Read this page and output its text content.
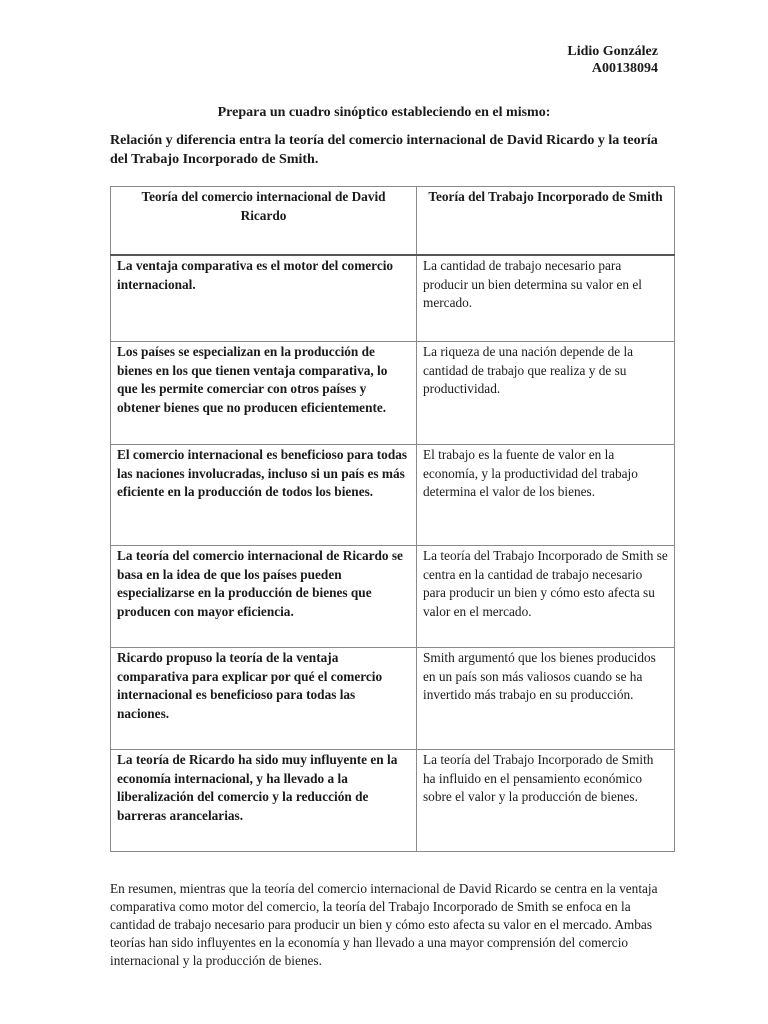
Lidio González
A00138094
Prepara un cuadro sinóptico estableciendo en el mismo:
Relación y diferencia entra la teoría del comercio internacional de David Ricardo y la teoría del Trabajo Incorporado de Smith.
Teoría del comercio internacional de David Ricardo	Teoría del Trabajo Incorporado de Smith
La ventaja comparativa es el motor del comercio internacional.	La cantidad de trabajo necesario para producir un bien determina su valor en el mercado.
Los países se especializan en la producción de bienes en los que tienen ventaja comparativa, lo que les permite comerciar con otros países y obtener bienes que no producen eficientemente.	La riqueza de una nación depende de la cantidad de trabajo que realiza y de su productividad.
El comercio internacional es beneficioso para todas las naciones involucradas, incluso si un país es más eficiente en la producción de todos los bienes.	El trabajo es la fuente de valor en la economía, y la productividad del trabajo determina el valor de los bienes.
La teoría del comercio internacional de Ricardo se basa en la idea de que los países pueden especializarse en la producción de bienes que producen con mayor eficiencia.	La teoría del Trabajo Incorporado de Smith se centra en la cantidad de trabajo necesario para producir un bien y cómo esto afecta su valor en el mercado.
Ricardo propuso la teoría de la ventaja comparativa para explicar por qué el comercio internacional es beneficioso para todas las naciones.	Smith argumentó que los bienes producidos en un país son más valiosos cuando se ha invertido más trabajo en su producción.
La teoría de Ricardo ha sido muy influyente en la economía internacional, y ha llevado a la liberalización del comercio y la reducción de barreras arancelarias.	La teoría del Trabajo Incorporado de Smith ha influido en el pensamiento económico sobre el valor y la producción de bienes.
En resumen, mientras que la teoría del comercio internacional de David Ricardo se centra en la ventaja comparativa como motor del comercio, la teoría del Trabajo Incorporado de Smith se enfoca en la cantidad de trabajo necesario para producir un bien y cómo esto afecta su valor en el mercado. Ambas teorías han sido influyentes en la economía y han llevado a una mayor comprensión del comercio internacional y la producción de bienes.
